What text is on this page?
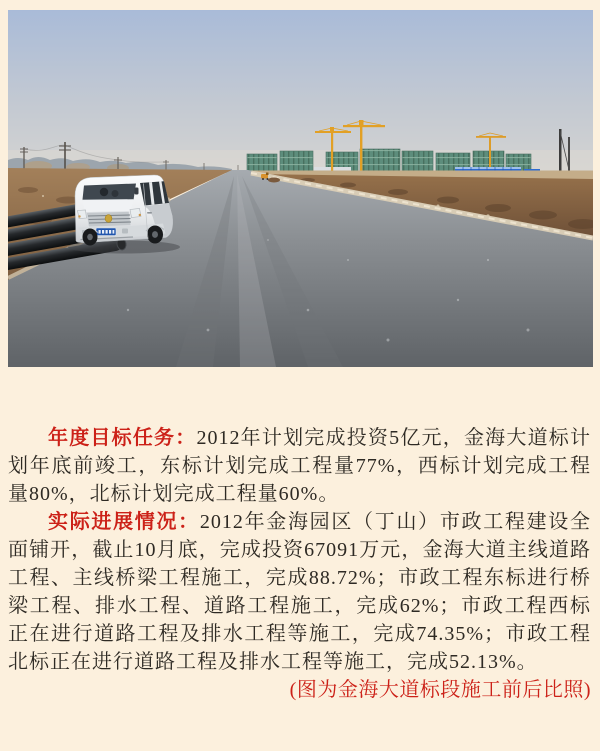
年度目标任务：2012年计划完成投资5亿元，金海大道标计划年底前竣工，东标计划完成工程量77%，西标计划完成工程量80%，北标计划完成工程量60%。

实际进展情况：2012年金海园区（丁山）市政工程建设全面铺开，截止10月底，完成投资67091万元，金海大道主线道路工程、主线桥梁工程施工，完成88.72%；市政工程东标进行桥梁工程、排水工程、道路工程施工，完成62%；市政工程西标正在进行道路工程及排水工程等施工，完成74.35%；市政工程北标正在进行道路工程及排水工程等施工，完成52.13%。

(图为金海大道标段施工前后比照)
